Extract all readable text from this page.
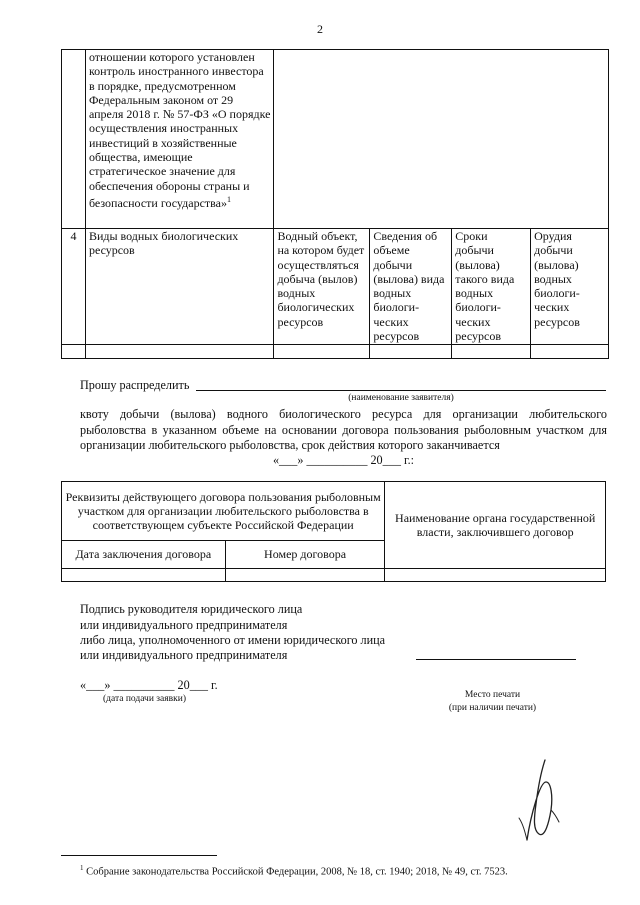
2
	отношении которого установлен контроль иностранного инвестора в порядке, предусмотренном Федеральным законом от 29 апреля 2018 г. № 57-ФЗ «О порядке осуществления иностранных инвестиций в хозяйственные общества, имеющие стратегическое значение для обеспечения обороны страны и безопасности государства»$^1$	
4	Виды водных биологических ресурсов	Водный объект, на котором будет осуществляться добыча (вылов) водных биологических ресурсов	Сведения об объеме добычи (вылова) вида водных биологи-ческих ресурсов	Сроки добычи (вылова) такого вида водных биологи-ческих ресурсов	Орудия добычи (вылова) водных биологи-ческих ресурсов

Прошу распределить
(наименование заявителя)
квоту добычи (вылова) водного биологического ресурса для организации любительского рыболовства в указанном объеме на основании договора пользования рыболовным участком для организации любительского рыболовства, срок действия которого заканчивается
«___» __________ 20___ г.:
Реквизиты действующего договора пользования рыболовным участком для организации любительского рыболовства в соответствующем субъекте Российской Федерации		Наименование органа государственной власти, заключившего договор
Дата заключения договора	Номер договора	

Подпись руководителя юридического лица
или индивидуального предпринимателя
либо лица, уполномоченного от имени юридического лица
или индивидуального предпринимателя
«___» __________ 20___ г.
(дата подачи заявки)	Место печати
(при наличии печати)
$^1$ Собрание законодательства Российской Федерации, 2008, № 18, ст. 1940; 2018, № 49, ст. 7523.
